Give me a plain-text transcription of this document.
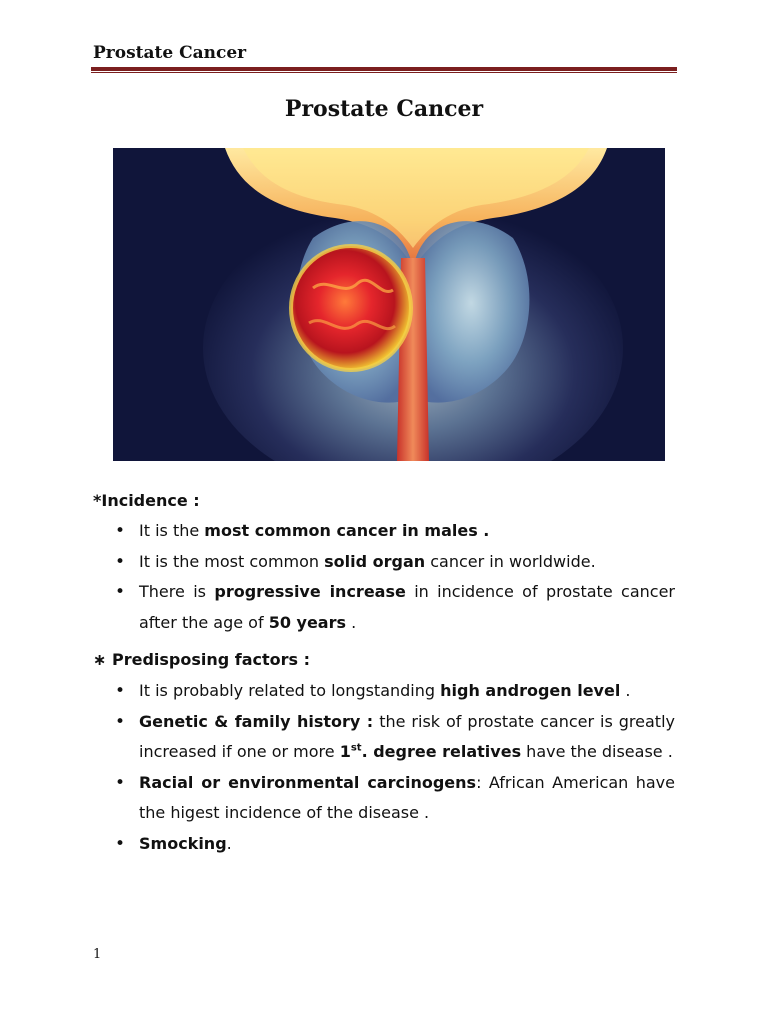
Prostate Cancer
Prostate Cancer
*Incidence :
• It is the most common cancer in males .
• It is the most common solid organ cancer in worldwide.
• There is progressive increase in incidence of prostate cancer after the age of 50 years .
∗ Predisposing factors :
• It is probably related to longstanding high androgen level .
• Genetic & family history : the risk of prostate cancer is greatly increased if one or more 1st. degree relatives have the disease .
• Racial or environmental carcinogens: African American have the higest incidence of the disease .
• Smocking.
1
